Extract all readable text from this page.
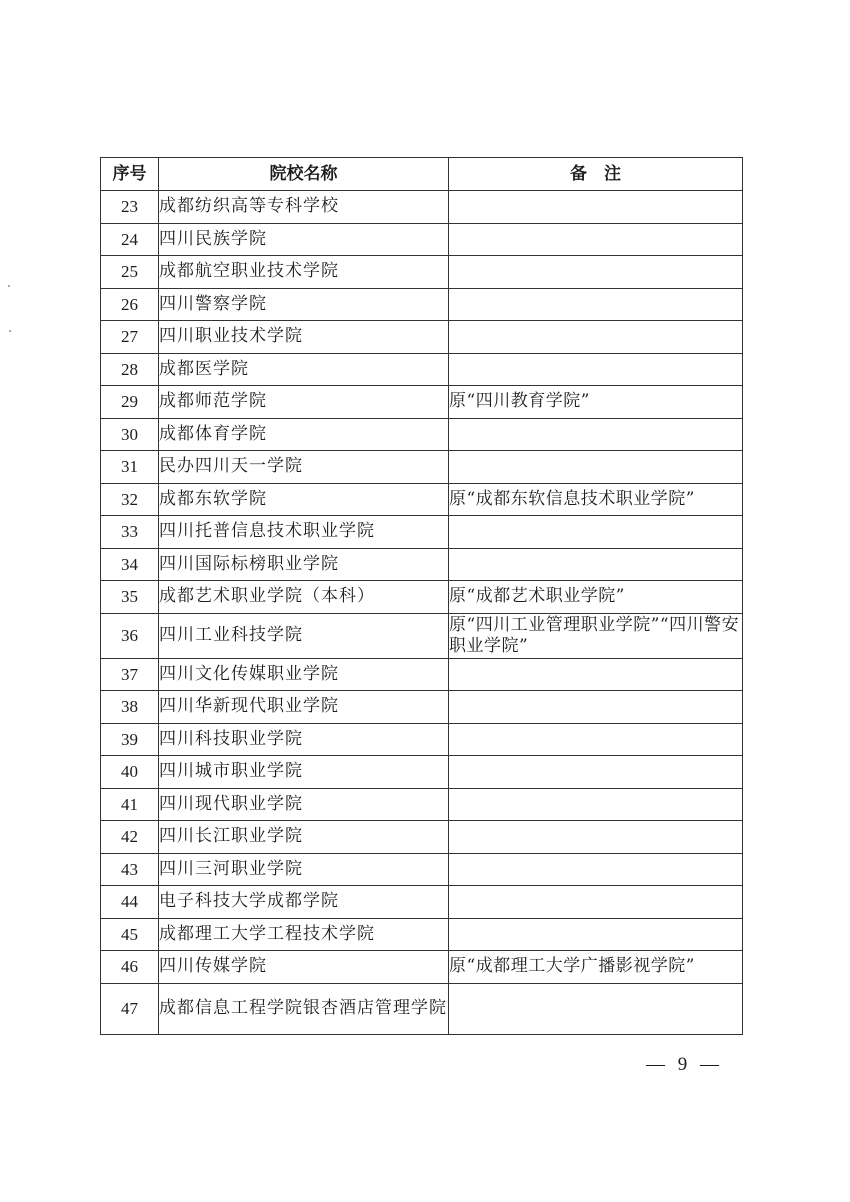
序号	院校名称	备　注
23	成都纺织高等专科学校	
24	四川民族学院	
25	成都航空职业技术学院	
26	四川警察学院	
27	四川职业技术学院	
28	成都医学院	
29	成都师范学院	原“四川教育学院”
30	成都体育学院	
31	民办四川天一学院	
32	成都东软学院	原“成都东软信息技术职业学院”
33	四川托普信息技术职业学院	
34	四川国际标榜职业学院	
35	成都艺术职业学院（本科）	原“成都艺术职业学院”
36	四川工业科技学院	原“四川工业管理职业学院”“四川警安职业学院”
37	四川文化传媒职业学院	
38	四川华新现代职业学院	
39	四川科技职业学院	
40	四川城市职业学院	
41	四川现代职业学院	
42	四川长江职业学院	
43	四川三河职业学院	
44	电子科技大学成都学院	
45	成都理工大学工程技术学院	
46	四川传媒学院	原“成都理工大学广播影视学院”
47	成都信息工程学院银杏酒店管理学院	
— 9 —
